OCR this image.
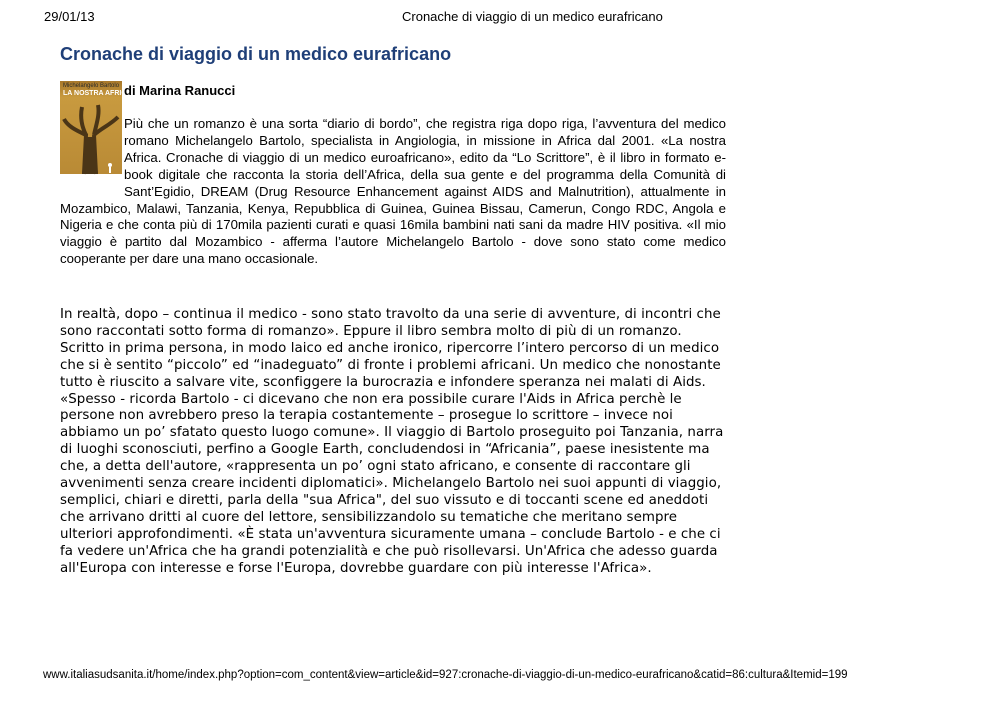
29/01/13	Cronache di viaggio di un medico eurafricano
Cronache di viaggio di un medico eurafricano
Michelangelo Bartolo
LA NOSTRA AFRICA
di Marina Ranucci

Più che un romanzo è una sorta “diario di bordo”, che registra riga dopo riga, l’avventura del medico romano Michelangelo Bartolo, specialista in Angiologia, in missione in Africa dal 2001. «La nostra Africa. Cronache di viaggio di un medico euroafricano», edito da “Lo Scrittore”, è il libro in formato e-book digitale che racconta la storia dell’Africa, della sua gente e del programma della Comunità di Sant’Egidio, DREAM (Drug Resource Enhancement against AIDS and Malnutrition), attualmente in Mozambico, Malawi, Tanzania, Kenya, Repubblica di Guinea, Guinea Bissau, Camerun, Congo RDC, Angola e Nigeria e che conta più di 170mila pazienti curati e quasi 16mila bambini nati sani da madre HIV positiva. «Il mio viaggio è partito dal Mozambico - afferma l’autore Michelangelo Bartolo - dove sono stato come medico cooperante per dare una mano occasionale.

In realtà, dopo – continua il medico - sono stato travolto da una serie di avventure, di incontri che sono raccontati sotto forma di romanzo». Eppure il libro sembra molto di più di un romanzo. Scritto in prima persona, in modo laico ed anche ironico, ripercorre l’intero percorso di un medico che si è sentito “piccolo” ed “inadeguato” di fronte i problemi africani. Un medico che nonostante tutto è riuscito a salvare vite, sconfiggere la burocrazia e infondere speranza nei malati di Aids. «Spesso - ricorda Bartolo - ci dicevano che non era possibile curare l'Aids in Africa perchè le persone non avrebbero preso la terapia costantemente – prosegue lo scrittore – invece noi abbiamo un po’ sfatato questo luogo comune». Il viaggio di Bartolo proseguito poi Tanzania, narra di luoghi sconosciuti, perfino a Google Earth, concludendosi in “Africania”, paese inesistente ma che, a detta dell'autore, «rappresenta un po’ ogni stato africano, e consente di raccontare gli avvenimenti senza creare incidenti diplomatici». Michelangelo Bartolo nei suoi appunti di viaggio, semplici, chiari e diretti, parla della "sua Africa", del suo vissuto e di toccanti scene ed aneddoti che arrivano dritti al cuore del lettore, sensibilizzandolo su tematiche che meritano sempre ulteriori approfondimenti. «È stata un'avventura sicuramente umana – conclude Bartolo - e che ci fa vedere un'Africa che ha grandi potenzialità e che può risollevarsi. Un'Africa che adesso guarda all'Europa con interesse e forse l'Europa, dovrebbe guardare con più interesse l'Africa».

www.italiasudsanita.it/home/index.php?option=com_content&view=article&id=927:cronache-di-viaggio-di-un-medico-eurafricano&catid=86:cultura&Itemid=199
